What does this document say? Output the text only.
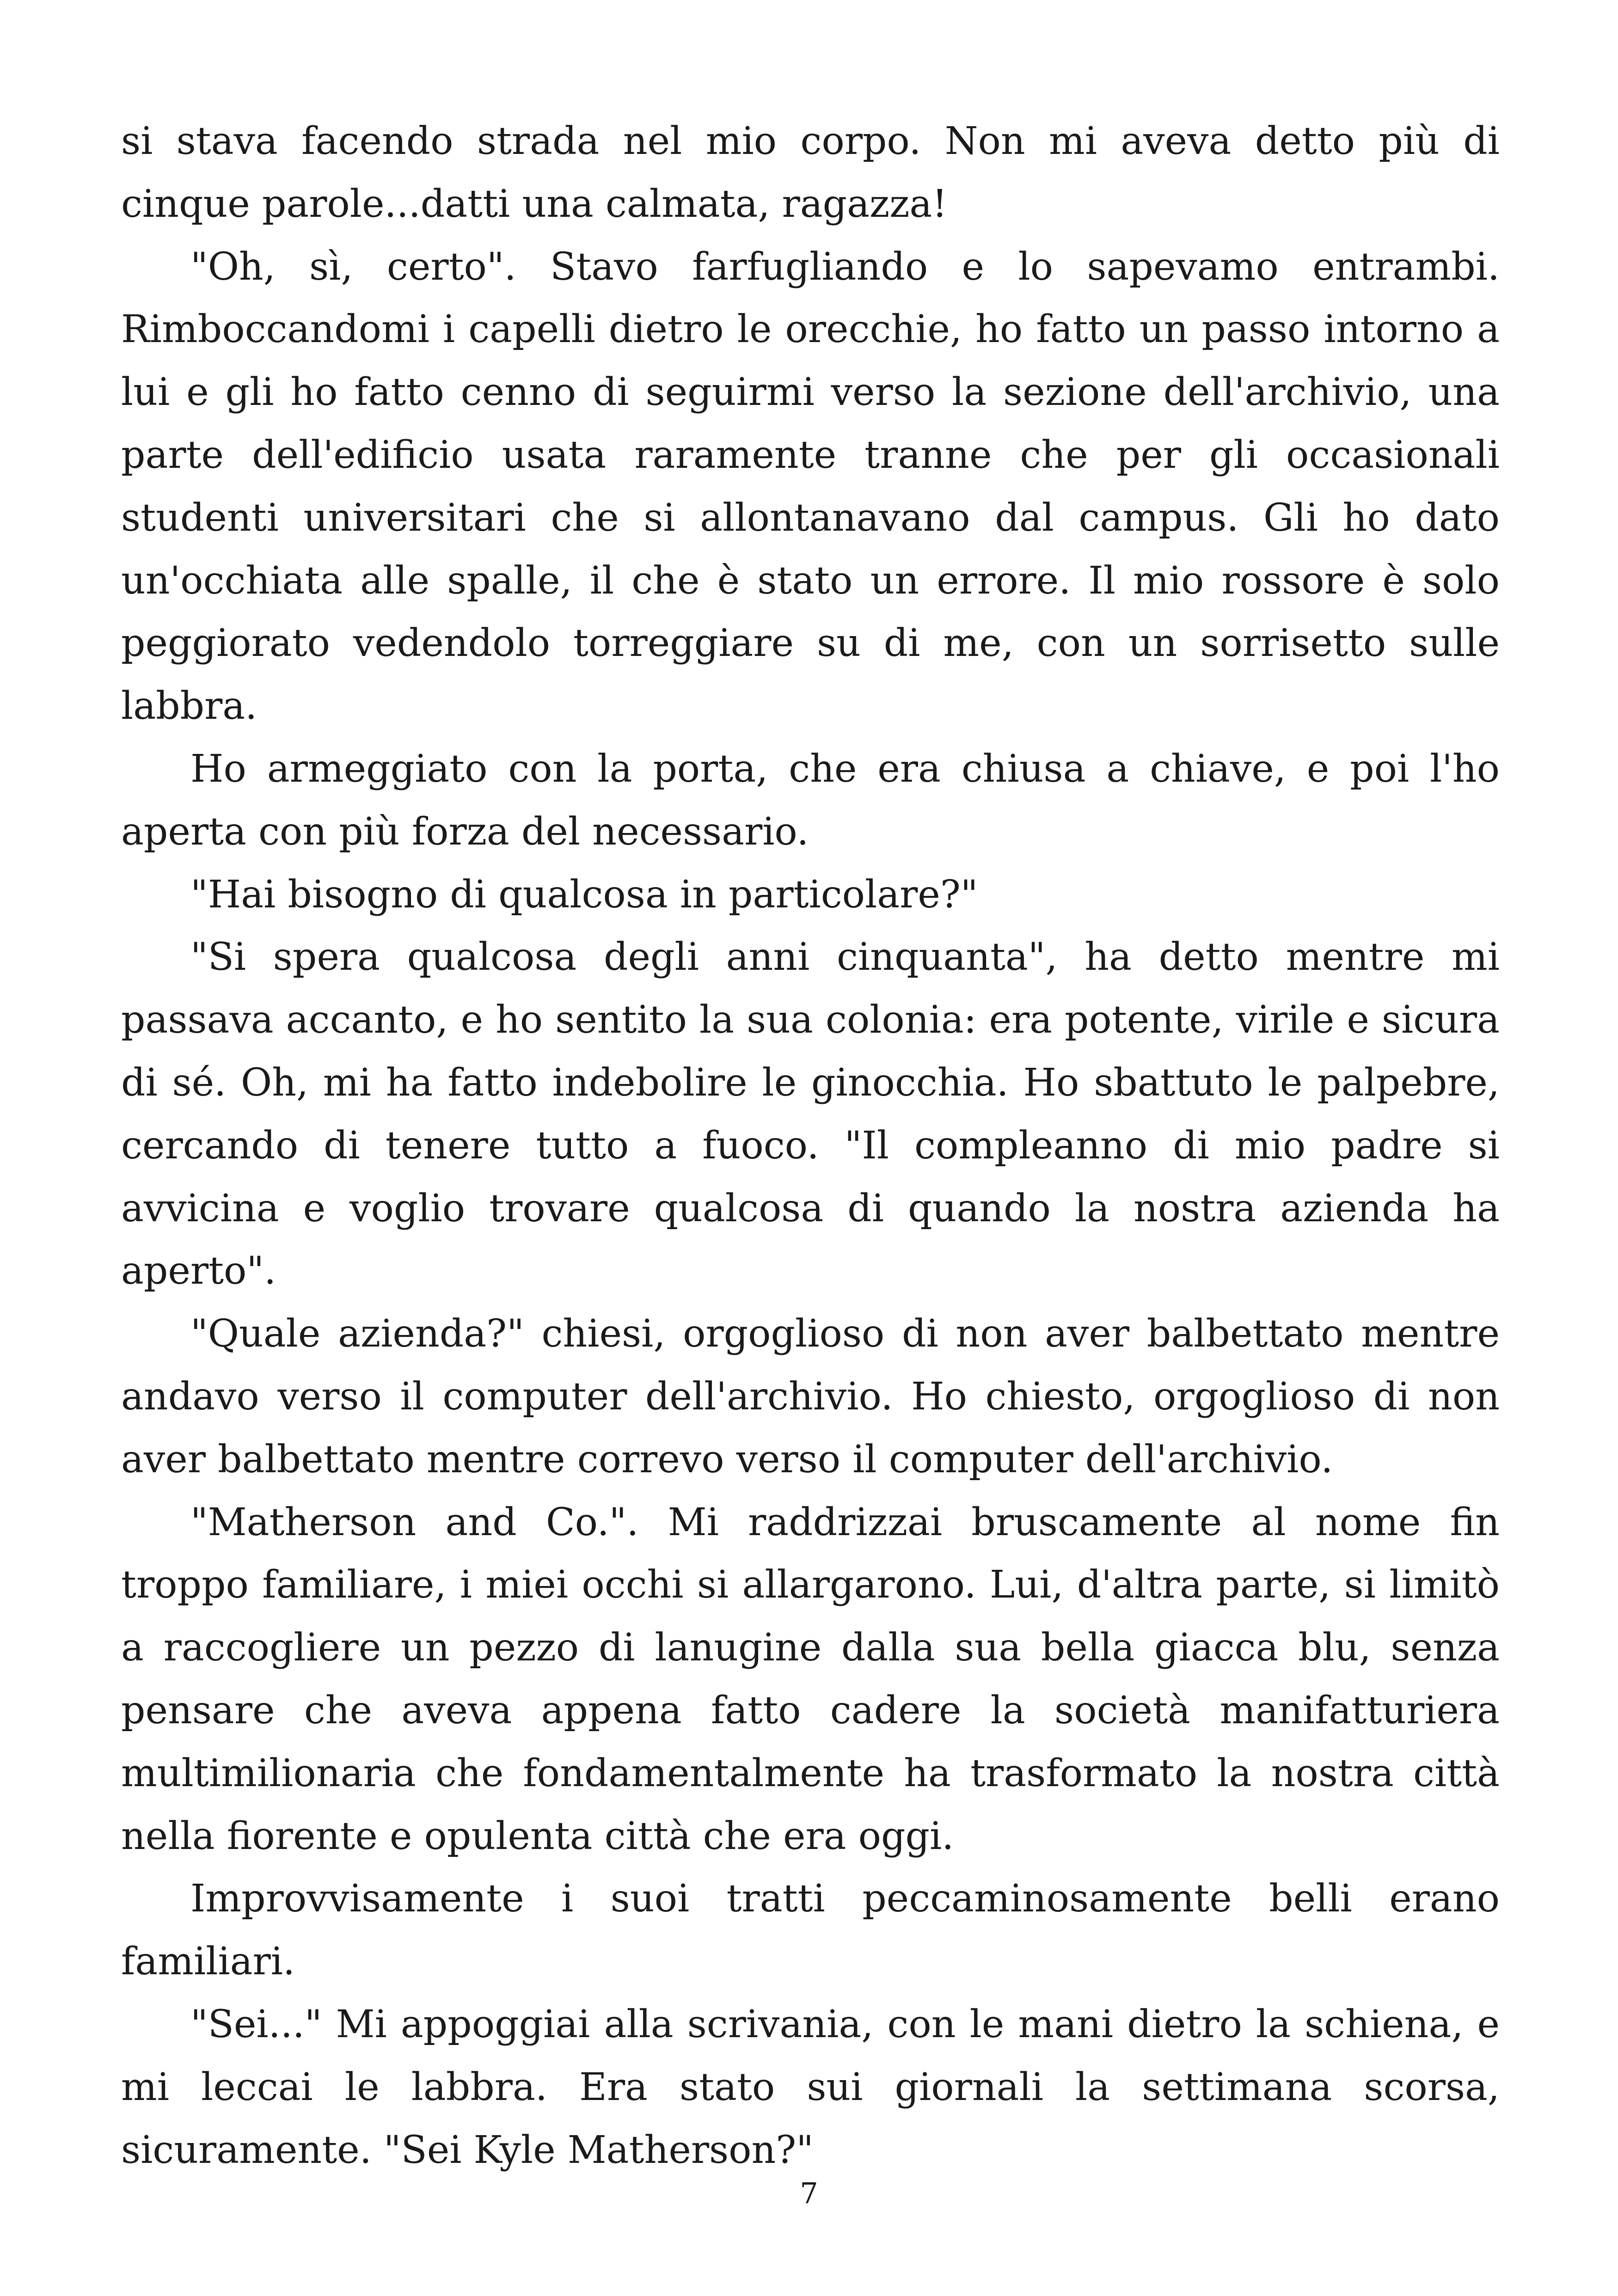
si stava facendo strada nel mio corpo. Non mi aveva detto più di cinque parole...datti una calmata, ragazza!

"Oh, sì, certo". Stavo farfugliando e lo sapevamo entrambi. Rimboccandomi i capelli dietro le orecchie, ho fatto un passo intorno a lui e gli ho fatto cenno di seguirmi verso la sezione dell'archivio, una parte dell'edificio usata raramente tranne che per gli occasionali studenti universitari che si allontanavano dal campus. Gli ho dato un'occhiata alle spalle, il che è stato un errore. Il mio rossore è solo peggiorato vedendolo torreggiare su di me, con un sorrisetto sulle labbra.

Ho armeggiato con la porta, che era chiusa a chiave, e poi l'ho aperta con più forza del necessario.

"Hai bisogno di qualcosa in particolare?"

"Si spera qualcosa degli anni cinquanta", ha detto mentre mi passava accanto, e ho sentito la sua colonia: era potente, virile e sicura di sé. Oh, mi ha fatto indebolire le ginocchia. Ho sbattuto le palpebre, cercando di tenere tutto a fuoco. "Il compleanno di mio padre si avvicina e voglio trovare qualcosa di quando la nostra azienda ha aperto".

"Quale azienda?" chiesi, orgoglioso di non aver balbettato mentre andavo verso il computer dell'archivio. Ho chiesto, orgoglioso di non aver balbettato mentre correvo verso il computer dell'archivio.

"Matherson and Co.". Mi raddrizzai bruscamente al nome fin troppo familiare, i miei occhi si allargarono. Lui, d'altra parte, si limitò a raccogliere un pezzo di lanugine dalla sua bella giacca blu, senza pensare che aveva appena fatto cadere la società manifatturiera multimilionaria che fondamentalmente ha trasformato la nostra città nella fiorente e opulenta città che era oggi.

Improvvisamente i suoi tratti peccaminosamente belli erano familiari.

"Sei..." Mi appoggiai alla scrivania, con le mani dietro la schiena, e mi leccai le labbra. Era stato sui giornali la settimana scorsa, sicuramente. "Sei Kyle Matherson?"

7
